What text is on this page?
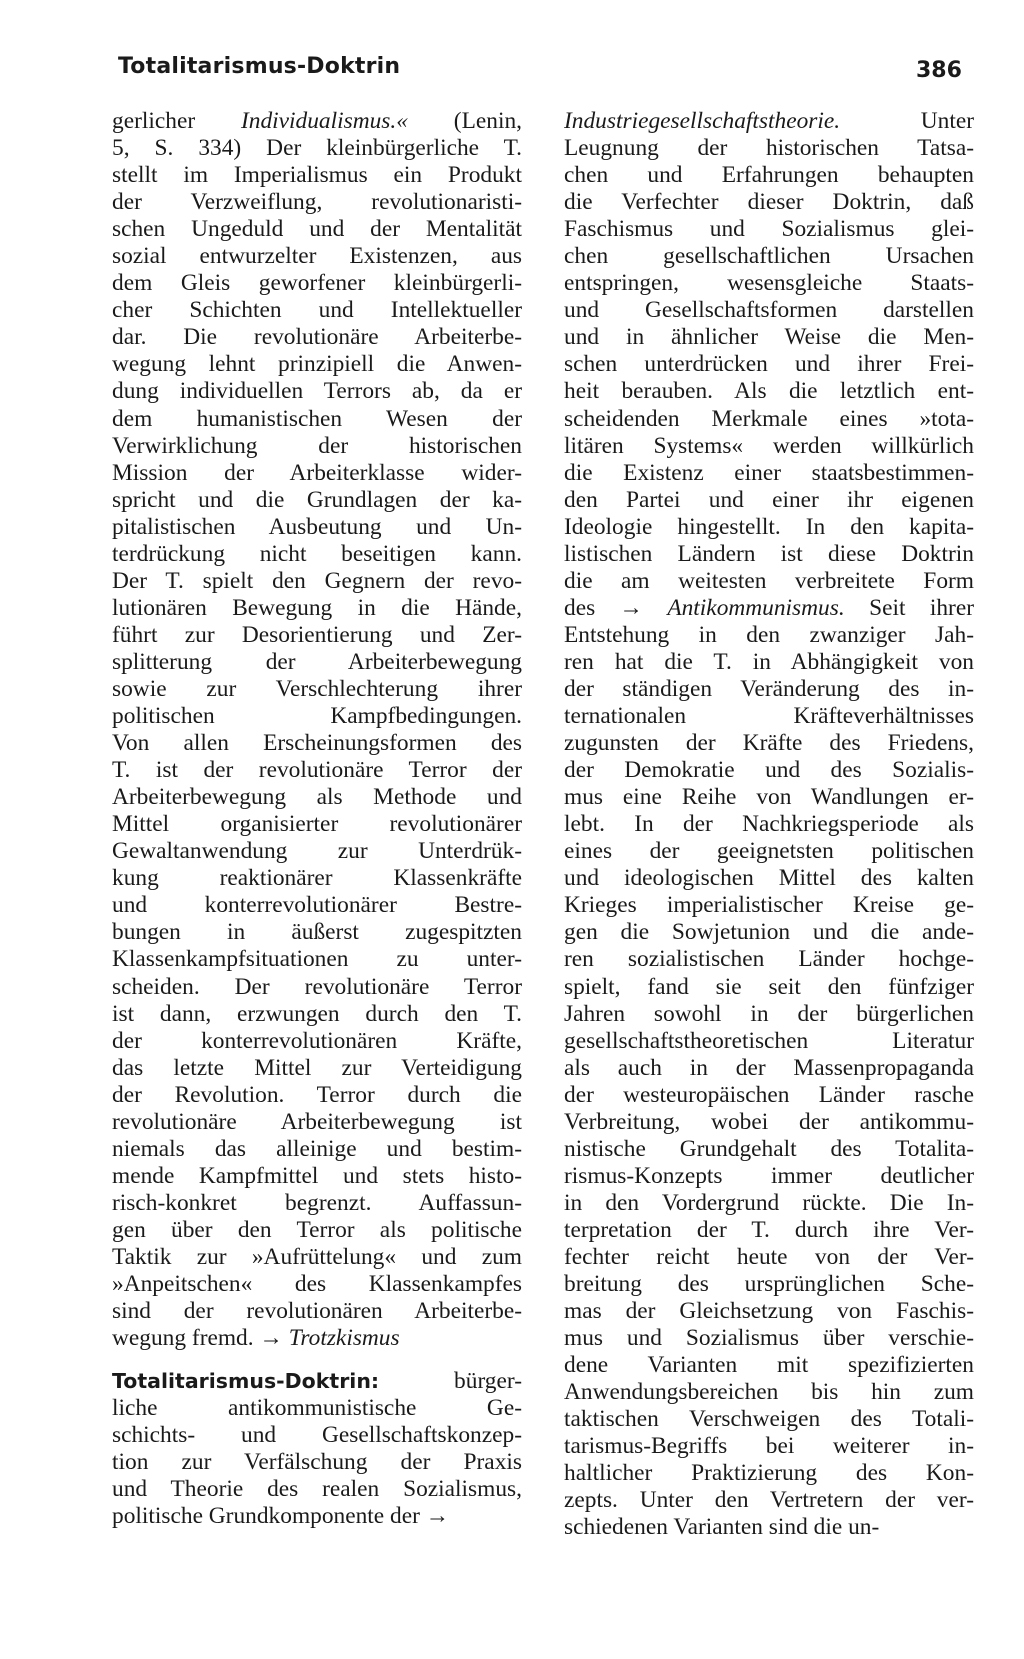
Totalitarismus-Doktrin	386
gerlicher Individualismus.« (Lenin,
5, S. 334) Der kleinbürgerliche T.
stellt im Imperialismus ein Produkt
der Verzweiflung, revolutionaristi-
schen Ungeduld und der Mentalität
sozial entwurzelter Existenzen, aus
dem Gleis geworfener kleinbürgerli-
cher Schichten und Intellektueller
dar. Die revolutionäre Arbeiterbe-
wegung lehnt prinzipiell die Anwen-
dung individuellen Terrors ab, da er
dem humanistischen Wesen der
Verwirklichung der historischen
Mission der Arbeiterklasse wider-
spricht und die Grundlagen der ka-
pitalistischen Ausbeutung und Un-
terdrückung nicht beseitigen kann.
Der T. spielt den Gegnern der revo-
lutionären Bewegung in die Hände,
führt zur Desorientierung und Zer-
splitterung der Arbeiterbewegung
sowie zur Verschlechterung ihrer
politischen Kampfbedingungen.
Von allen Erscheinungsformen des
T. ist der revolutionäre Terror der
Arbeiterbewegung als Methode und
Mittel organisierter revolutionärer
Gewaltanwendung zur Unterdrük-
kung reaktionärer Klassenkräfte
und konterrevolutionärer Bestre-
bungen in äußerst zugespitzten
Klassenkampfsituationen zu unter-
scheiden. Der revolutionäre Terror
ist dann, erzwungen durch den T.
der konterrevolutionären Kräfte,
das letzte Mittel zur Verteidigung
der Revolution. Terror durch die
revolutionäre Arbeiterbewegung ist
niemals das alleinige und bestim-
mende Kampfmittel und stets histo-
risch-konkret begrenzt. Auffassun-
gen über den Terror als politische
Taktik zur »Aufrüttelung« und zum
»Anpeitschen« des Klassenkampfes
sind der revolutionären Arbeiterbe-
wegung fremd. → Trotzkismus
Totalitarismus-Doktrin: bürger-
liche antikommunistische Ge-
schichts- und Gesellschaftskonzep-
tion zur Verfälschung der Praxis
und Theorie des realen Sozialismus,
politische Grundkomponente der →
Industriegesellschaftstheorie. Unter
Leugnung der historischen Tatsa-
chen und Erfahrungen behaupten
die Verfechter dieser Doktrin, daß
Faschismus und Sozialismus glei-
chen gesellschaftlichen Ursachen
entspringen, wesensgleiche Staats-
und Gesellschaftsformen darstellen
und in ähnlicher Weise die Men-
schen unterdrücken und ihrer Frei-
heit berauben. Als die letztlich ent-
scheidenden Merkmale eines »tota-
litären Systems« werden willkürlich
die Existenz einer staatsbestimmen-
den Partei und einer ihr eigenen
Ideologie hingestellt. In den kapita-
listischen Ländern ist diese Doktrin
die am weitesten verbreitete Form
des → Antikommunismus. Seit ihrer
Entstehung in den zwanziger Jah-
ren hat die T. in Abhängigkeit von
der ständigen Veränderung des in-
ternationalen Kräfteverhältnisses
zugunsten der Kräfte des Friedens,
der Demokratie und des Sozialis-
mus eine Reihe von Wandlungen er-
lebt. In der Nachkriegsperiode als
eines der geeignetsten politischen
und ideologischen Mittel des kalten
Krieges imperialistischer Kreise ge-
gen die Sowjetunion und die ande-
ren sozialistischen Länder hochge-
spielt, fand sie seit den fünfziger
Jahren sowohl in der bürgerlichen
gesellschaftstheoretischen Literatur
als auch in der Massenpropaganda
der westeuropäischen Länder rasche
Verbreitung, wobei der antikommu-
nistische Grundgehalt des Totalita-
rismus-Konzepts immer deutlicher
in den Vordergrund rückte. Die In-
terpretation der T. durch ihre Ver-
fechter reicht heute von der Ver-
breitung des ursprünglichen Sche-
mas der Gleichsetzung von Faschis-
mus und Sozialismus über verschie-
dene Varianten mit spezifizierten
Anwendungsbereichen bis hin zum
taktischen Verschweigen des Totali-
tarismus-Begriffs bei weiterer in-
haltlicher Praktizierung des Kon-
zepts. Unter den Vertretern der ver-
schiedenen Varianten sind die un-
